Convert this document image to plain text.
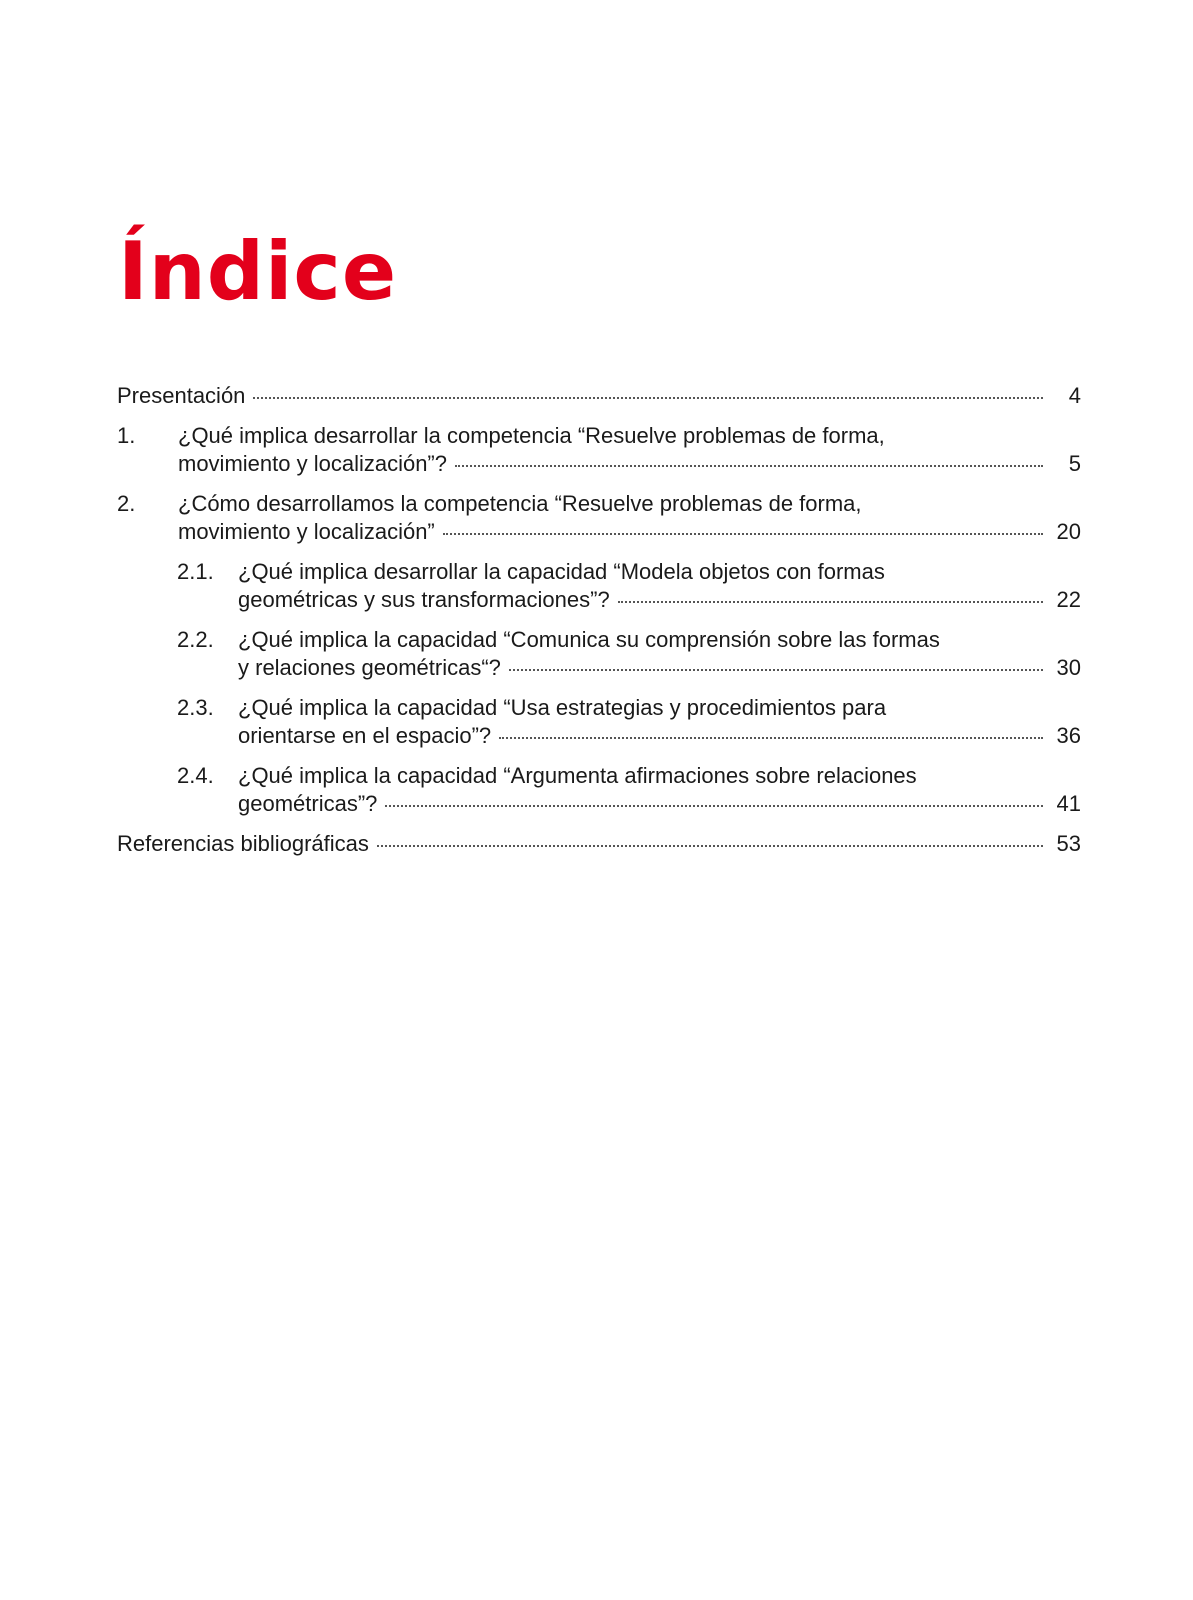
Índice
Presentación	4
1. ¿Qué implica desarrollar la competencia “Resuelve problemas de forma,
movimiento y localización”?	5
2. ¿Cómo desarrollamos la competencia “Resuelve problemas de forma,
movimiento y localización”	20
2.1. ¿Qué implica desarrollar la capacidad “Modela objetos con formas
geométricas y sus transformaciones”?	22
2.2. ¿Qué implica la capacidad “Comunica su comprensión sobre las formas
y relaciones geométricas“?	30
2.3. ¿Qué implica la capacidad “Usa estrategias y procedimientos para
orientarse en el espacio”?	36
2.4. ¿Qué implica la capacidad “Argumenta afirmaciones sobre relaciones
geométricas”?	41
Referencias bibliográficas	53
